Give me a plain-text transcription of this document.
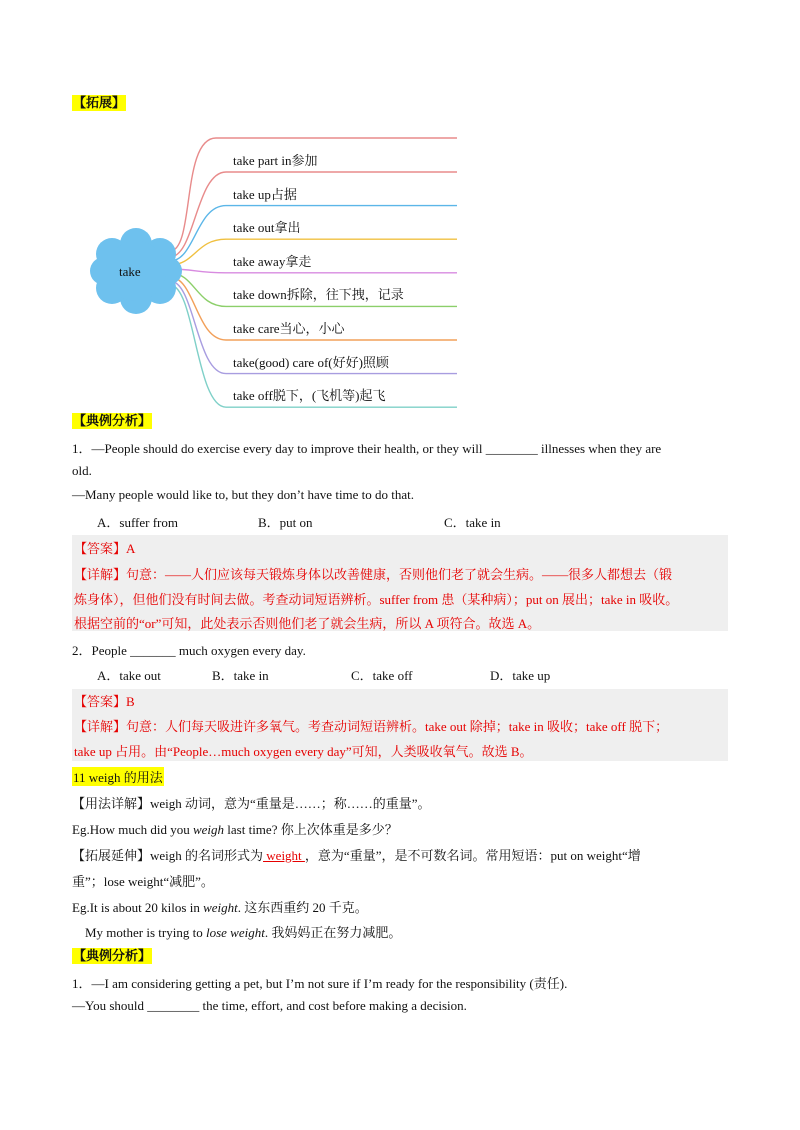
【拓展】
take
take part in参加
take up占据
take out拿出
take away拿走
take down拆除，往下拽，记录
take care当心，小心
take(good) care of(好好)照顾
take off脱下，(飞机等)起飞
【典例分析】
1．—People should do exercise every day to improve their health, or they will ________ illnesses when they are
old.
—Many people would like to, but they don’t have time to do that.
A．suffer from	B．put on	C．take in
【答案】A
【详解】句意：——人们应该每天锻炼身体以改善健康，否则他们老了就会生病。——很多人都想去（锻
炼身体），但他们没有时间去做。考查动词短语辨析。suffer from 患（某种病）；put on 展出；take in 吸收。
根据空前的“or”可知，此处表示否则他们老了就会生病，所以 A 项符合。故选 A。
2．People _______ much oxygen every day.
A．take out	B．take in	C．take off	D．take up
【答案】B
【详解】句意：人们每天吸进许多氧气。考查动词短语辨析。take out 除掉；take in 吸收；take off 脱下；
take up 占用。由“People…much oxygen every day”可知，人类吸收氧气。故选 B。
11 weigh 的用法
【用法详解】weigh 动词，意为“重量是……；称……的重量”。
Eg.How much did you weigh last time? 你上次体重是多少？
【拓展延伸】weigh 的名词形式为 weight ，意为“重量”，是不可数名词。常用短语：put on weight“增
重”；lose weight“减肥”。
Eg.It is about 20 kilos in weight. 这东西重约 20 千克。
My mother is trying to lose weight. 我妈妈正在努力减肥。
【典例分析】
1．—I am considering getting a pet, but I’m not sure if I’m ready for the responsibility (责任).
—You should ________ the time, effort, and cost before making a decision.
